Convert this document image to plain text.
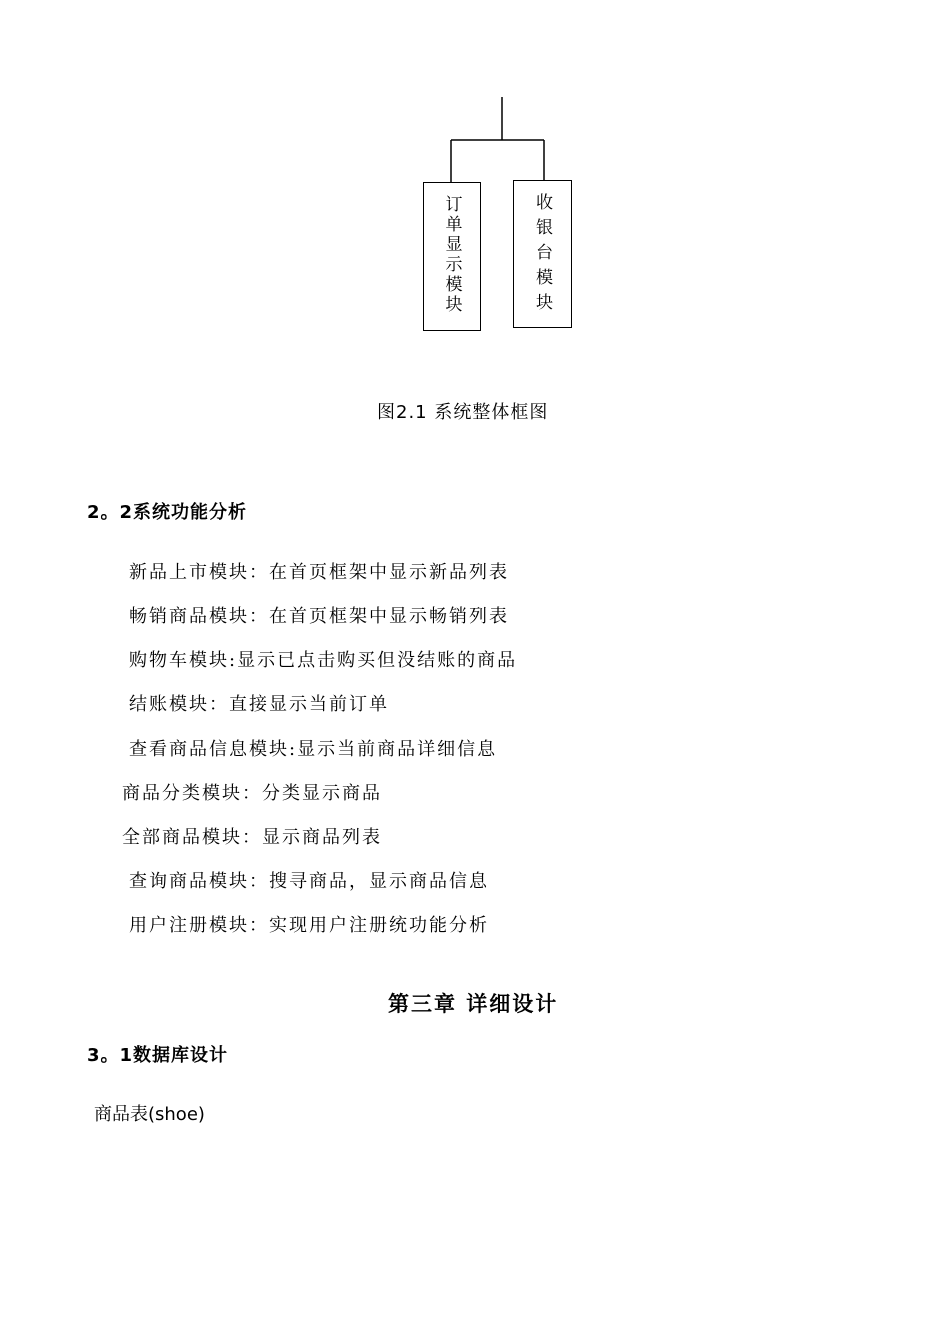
订单显示模块	收银台模块
图2.1 系统整体框图
2。2系统功能分析
新品上市模块：在首页框架中显示新品列表
畅销商品模块：在首页框架中显示畅销列表
购物车模块:显示已点击购买但没结账的商品
结账模块：直接显示当前订单
查看商品信息模块:显示当前商品详细信息
商品分类模块：分类显示商品
全部商品模块：显示商品列表
查询商品模块：搜寻商品，显示商品信息
用户注册模块：实现用户注册统功能分析
第三章 详细设计
3。1数据库设计
商品表(shoe)
